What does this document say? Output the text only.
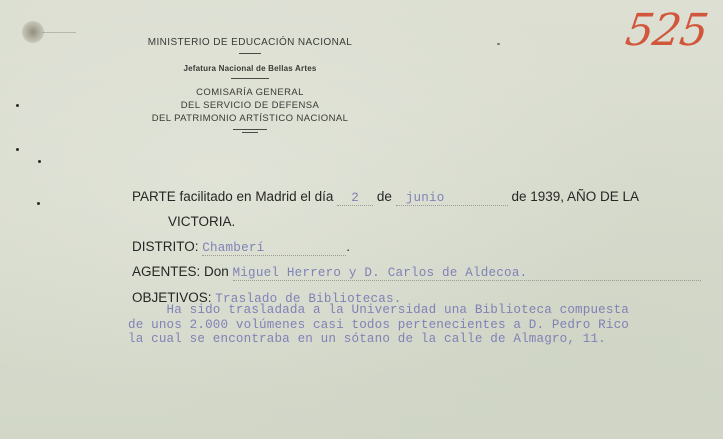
525
MINISTERIO DE EDUCACIÓN NACIONAL
Jefatura Nacional de Bellas Artes
COMISARÍA GENERAL
DEL SERVICIO DE DEFENSA
DEL PATRIMONIO ARTÍSTICO NACIONAL
PARTE facilitado en Madrid el día 2 de junio	de 1939, AÑO DE LA
VICTORIA.
DISTRITO: Chamberí	.
AGENTES: Don Miguel Herrero y D. Carlos de Aldecoa.
OBJETIVOS: Traslado de Bibliotecas.
Ha sido trasladada a la Universidad una Biblioteca compuesta
de unos 2.000 volúmenes casi todos pertenecientes a D. Pedro Rico
la cual se encontraba en un sótano de la calle de Almagro, 11.
